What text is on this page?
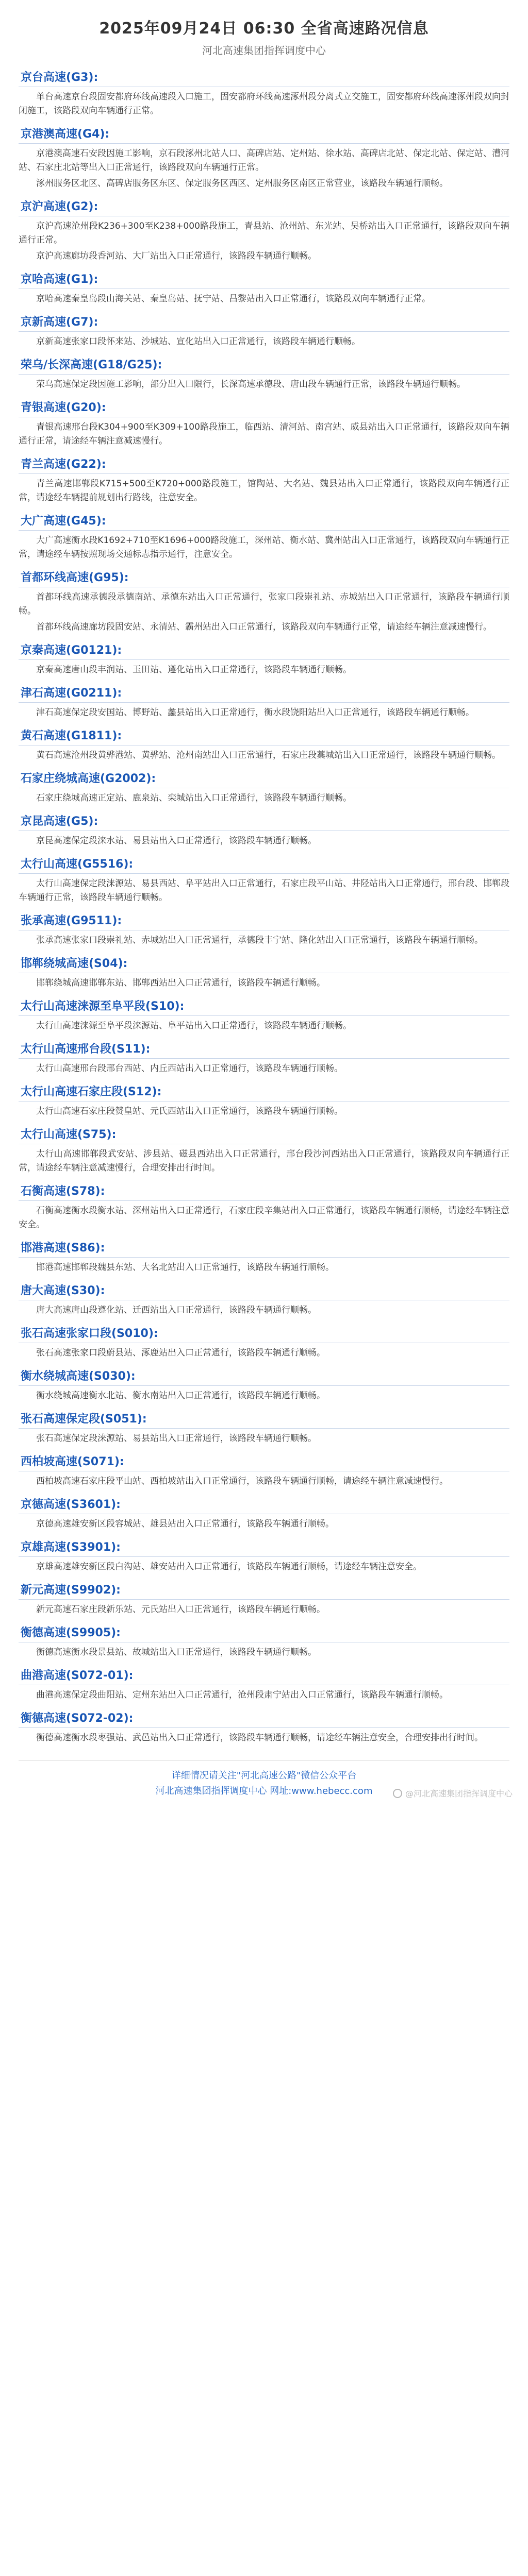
2025年09月24日 06:30 全省高速路况信息
河北高速集团指挥调度中心
京台高速(G3):

单台高速京台段固安都府环线高速段入口施工，固安都府环线高速涿州段分离式立交施工，固安都府环线高速涿州段双向封闭施工，该路段双向车辆通行正常。

京港澳高速(G4):

京港澳高速石安段因施工影响，京石段涿州北站人口、高碑店站、定州站、徐水站、高碑店北站、保定北站、保定站、漕河站、石家庄北站等出入口正常通行，该路段双向车辆通行正常。

涿州服务区北区、高碑店服务区东区、保定服务区西区、定州服务区南区正常营业，该路段车辆通行顺畅。

京沪高速(G2):

京沪高速沧州段K236+300至K238+000路段施工，青县站、沧州站、东光站、吴桥站出入口正常通行，该路段双向车辆通行正常。

京沪高速廊坊段香河站、大厂站出入口正常通行，该路段车辆通行顺畅。

京哈高速(G1):

京哈高速秦皇岛段山海关站、秦皇岛站、抚宁站、昌黎站出入口正常通行，该路段双向车辆通行正常。

京新高速(G7):

京新高速张家口段怀来站、沙城站、宣化站出入口正常通行，该路段车辆通行顺畅。

荣乌/长深高速(G18/G25):

荣乌高速保定段因施工影响，部分出入口限行，长深高速承德段、唐山段车辆通行正常，该路段车辆通行顺畅。

青银高速(G20):

青银高速邢台段K304+900至K309+100路段施工，临西站、清河站、南宫站、威县站出入口正常通行，该路段双向车辆通行正常，请途经车辆注意减速慢行。

青兰高速(G22):

青兰高速邯郸段K715+500至K720+000路段施工，馆陶站、大名站、魏县站出入口正常通行，该路段双向车辆通行正常，请途经车辆提前规划出行路线，注意安全。

大广高速(G45):

大广高速衡水段K1692+710至K1696+000路段施工，深州站、衡水站、冀州站出入口正常通行，该路段双向车辆通行正常，请途经车辆按照现场交通标志指示通行，注意安全。

首都环线高速(G95):

首都环线高速承德段承德南站、承德东站出入口正常通行，张家口段崇礼站、赤城站出入口正常通行，该路段车辆通行顺畅。

首都环线高速廊坊段固安站、永清站、霸州站出入口正常通行，该路段双向车辆通行正常，请途经车辆注意减速慢行。

京秦高速(G0121):

京秦高速唐山段丰润站、玉田站、遵化站出入口正常通行，该路段车辆通行顺畅。

津石高速(G0211):

津石高速保定段安国站、博野站、蠡县站出入口正常通行，衡水段饶阳站出入口正常通行，该路段车辆通行顺畅。

黄石高速(G1811):

黄石高速沧州段黄骅港站、黄骅站、沧州南站出入口正常通行，石家庄段藁城站出入口正常通行，该路段车辆通行顺畅。

石家庄绕城高速(G2002):

石家庄绕城高速正定站、鹿泉站、栾城站出入口正常通行，该路段车辆通行顺畅。

京昆高速(G5):

京昆高速保定段涞水站、易县站出入口正常通行，该路段车辆通行顺畅。

太行山高速(G5516):

太行山高速保定段涞源站、易县西站、阜平站出入口正常通行，石家庄段平山站、井陉站出入口正常通行，邢台段、邯郸段车辆通行正常，该路段车辆通行顺畅。

张承高速(G9511):

张承高速张家口段崇礼站、赤城站出入口正常通行，承德段丰宁站、隆化站出入口正常通行，该路段车辆通行顺畅。

邯郸绕城高速(S04):

邯郸绕城高速邯郸东站、邯郸西站出入口正常通行，该路段车辆通行顺畅。

太行山高速涞源至阜平段(S10):

太行山高速涞源至阜平段涞源站、阜平站出入口正常通行，该路段车辆通行顺畅。

太行山高速邢台段(S11):

太行山高速邢台段邢台西站、内丘西站出入口正常通行，该路段车辆通行顺畅。

太行山高速石家庄段(S12):

太行山高速石家庄段赞皇站、元氏西站出入口正常通行，该路段车辆通行顺畅。

太行山高速(S75):

太行山高速邯郸段武安站、涉县站、磁县西站出入口正常通行，邢台段沙河西站出入口正常通行，该路段双向车辆通行正常，请途经车辆注意减速慢行，合理安排出行时间。

石衡高速(S78):

石衡高速衡水段衡水站、深州站出入口正常通行，石家庄段辛集站出入口正常通行，该路段车辆通行顺畅，请途经车辆注意安全。

邯港高速(S86):

邯港高速邯郸段魏县东站、大名北站出入口正常通行，该路段车辆通行顺畅。

唐大高速(S30):

唐大高速唐山段遵化站、迁西站出入口正常通行，该路段车辆通行顺畅。

张石高速张家口段(S010):

张石高速张家口段蔚县站、涿鹿站出入口正常通行，该路段车辆通行顺畅。

衡水绕城高速(S030):

衡水绕城高速衡水北站、衡水南站出入口正常通行，该路段车辆通行顺畅。

张石高速保定段(S051):

张石高速保定段涞源站、易县站出入口正常通行，该路段车辆通行顺畅。

西柏坡高速(S071):

西柏坡高速石家庄段平山站、西柏坡站出入口正常通行，该路段车辆通行顺畅，请途经车辆注意减速慢行。

京德高速(S3601):

京德高速雄安新区段容城站、雄县站出入口正常通行，该路段车辆通行顺畅。

京雄高速(S3901):

京雄高速雄安新区段白沟站、雄安站出入口正常通行，该路段车辆通行顺畅，请途经车辆注意安全。

新元高速(S9902):

新元高速石家庄段新乐站、元氏站出入口正常通行，该路段车辆通行顺畅。

衡德高速(S9905):

衡德高速衡水段景县站、故城站出入口正常通行，该路段车辆通行顺畅。

曲港高速(S072-01):

曲港高速保定段曲阳站、定州东站出入口正常通行，沧州段肃宁站出入口正常通行，该路段车辆通行顺畅。

衡德高速(S072-02):

衡德高速衡水段枣强站、武邑站出入口正常通行，该路段车辆通行顺畅，请途经车辆注意安全，合理安排出行时间。

详细情况请关注"河北高速公路"微信公众平台
河北高速集团指挥调度中心 网址:www.hebecc.com	@河北高速集团指挥调度中心
